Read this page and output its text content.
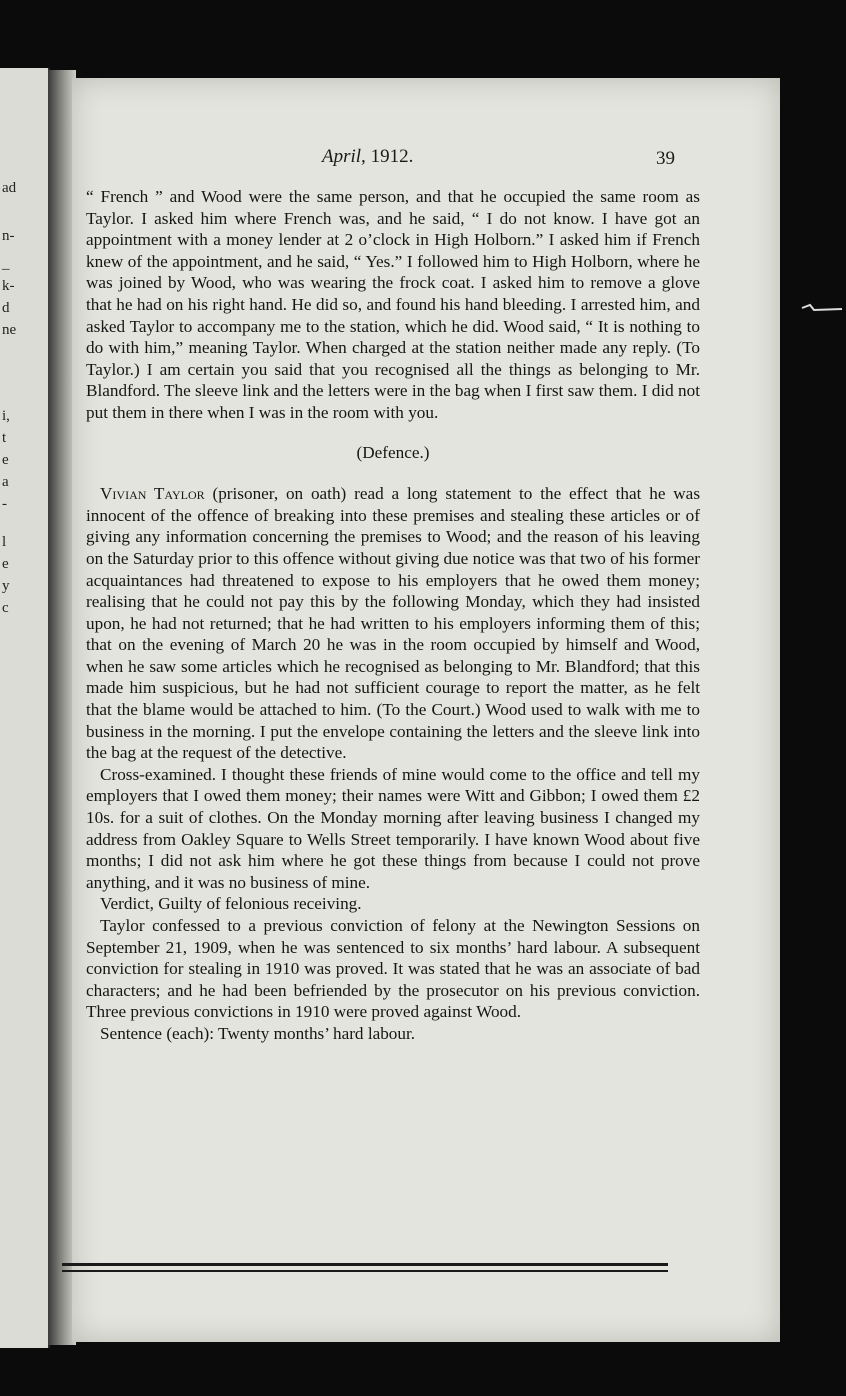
ad
n-
_
k-
d
ne
i,
t
e
a
-
l
e
y
c
April, 1912.	39

“ French ” and Wood were the same person, and that he occupied the same room as Taylor. I asked him where French was, and he said, “ I do not know. I have got an appointment with a money lender at 2 o’clock in High Holborn.” I asked him if French knew of the appointment, and he said, “ Yes.” I followed him to High Holborn, where he was joined by Wood, who was wearing the frock coat. I asked him to remove a glove that he had on his right hand. He did so, and found his hand bleeding. I arrested him, and asked Taylor to accompany me to the station, which he did. Wood said, “ It is nothing to do with him,” meaning Taylor. When charged at the station neither made any reply. (To Taylor.) I am certain you said that you recognised all the things as belonging to Mr. Blandford. The sleeve link and the letters were in the bag when I first saw them. I did not put them in there when I was in the room with you.

(Defence.)

Vivian Taylor (prisoner, on oath) read a long statement to the effect that he was innocent of the offence of breaking into these premises and stealing these articles or of giving any information concerning the premises to Wood; and the reason of his leaving on the Saturday prior to this offence without giving due notice was that two of his former acquaintances had threatened to expose to his employers that he owed them money; realising that he could not pay this by the following Monday, which they had insisted upon, he had not returned; that he had written to his employers informing them of this; that on the evening of March 20 he was in the room occupied by himself and Wood, when he saw some articles which he recognised as belonging to Mr. Blandford; that this made him suspicious, but he had not sufficient courage to report the matter, as he felt that the blame would be attached to him. (To the Court.) Wood used to walk with me to business in the morning. I put the envelope containing the letters and the sleeve link into the bag at the request of the detective.

Cross-examined. I thought these friends of mine would come to the office and tell my employers that I owed them money; their names were Witt and Gibbon; I owed them £2 10s. for a suit of clothes. On the Monday morning after leaving business I changed my address from Oakley Square to Wells Street temporarily. I have known Wood about five months; I did not ask him where he got these things from because I could not prove anything, and it was no business of mine.

Verdict, Guilty of felonious receiving.

Taylor confessed to a previous conviction of felony at the Newington Sessions on September 21, 1909, when he was sentenced to six months’ hard labour. A subsequent conviction for stealing in 1910 was proved. It was stated that he was an associate of bad characters; and he had been befriended by the prosecutor on his previous conviction. Three previous convictions in 1910 were proved against Wood.

Sentence (each): Twenty months’ hard labour.
